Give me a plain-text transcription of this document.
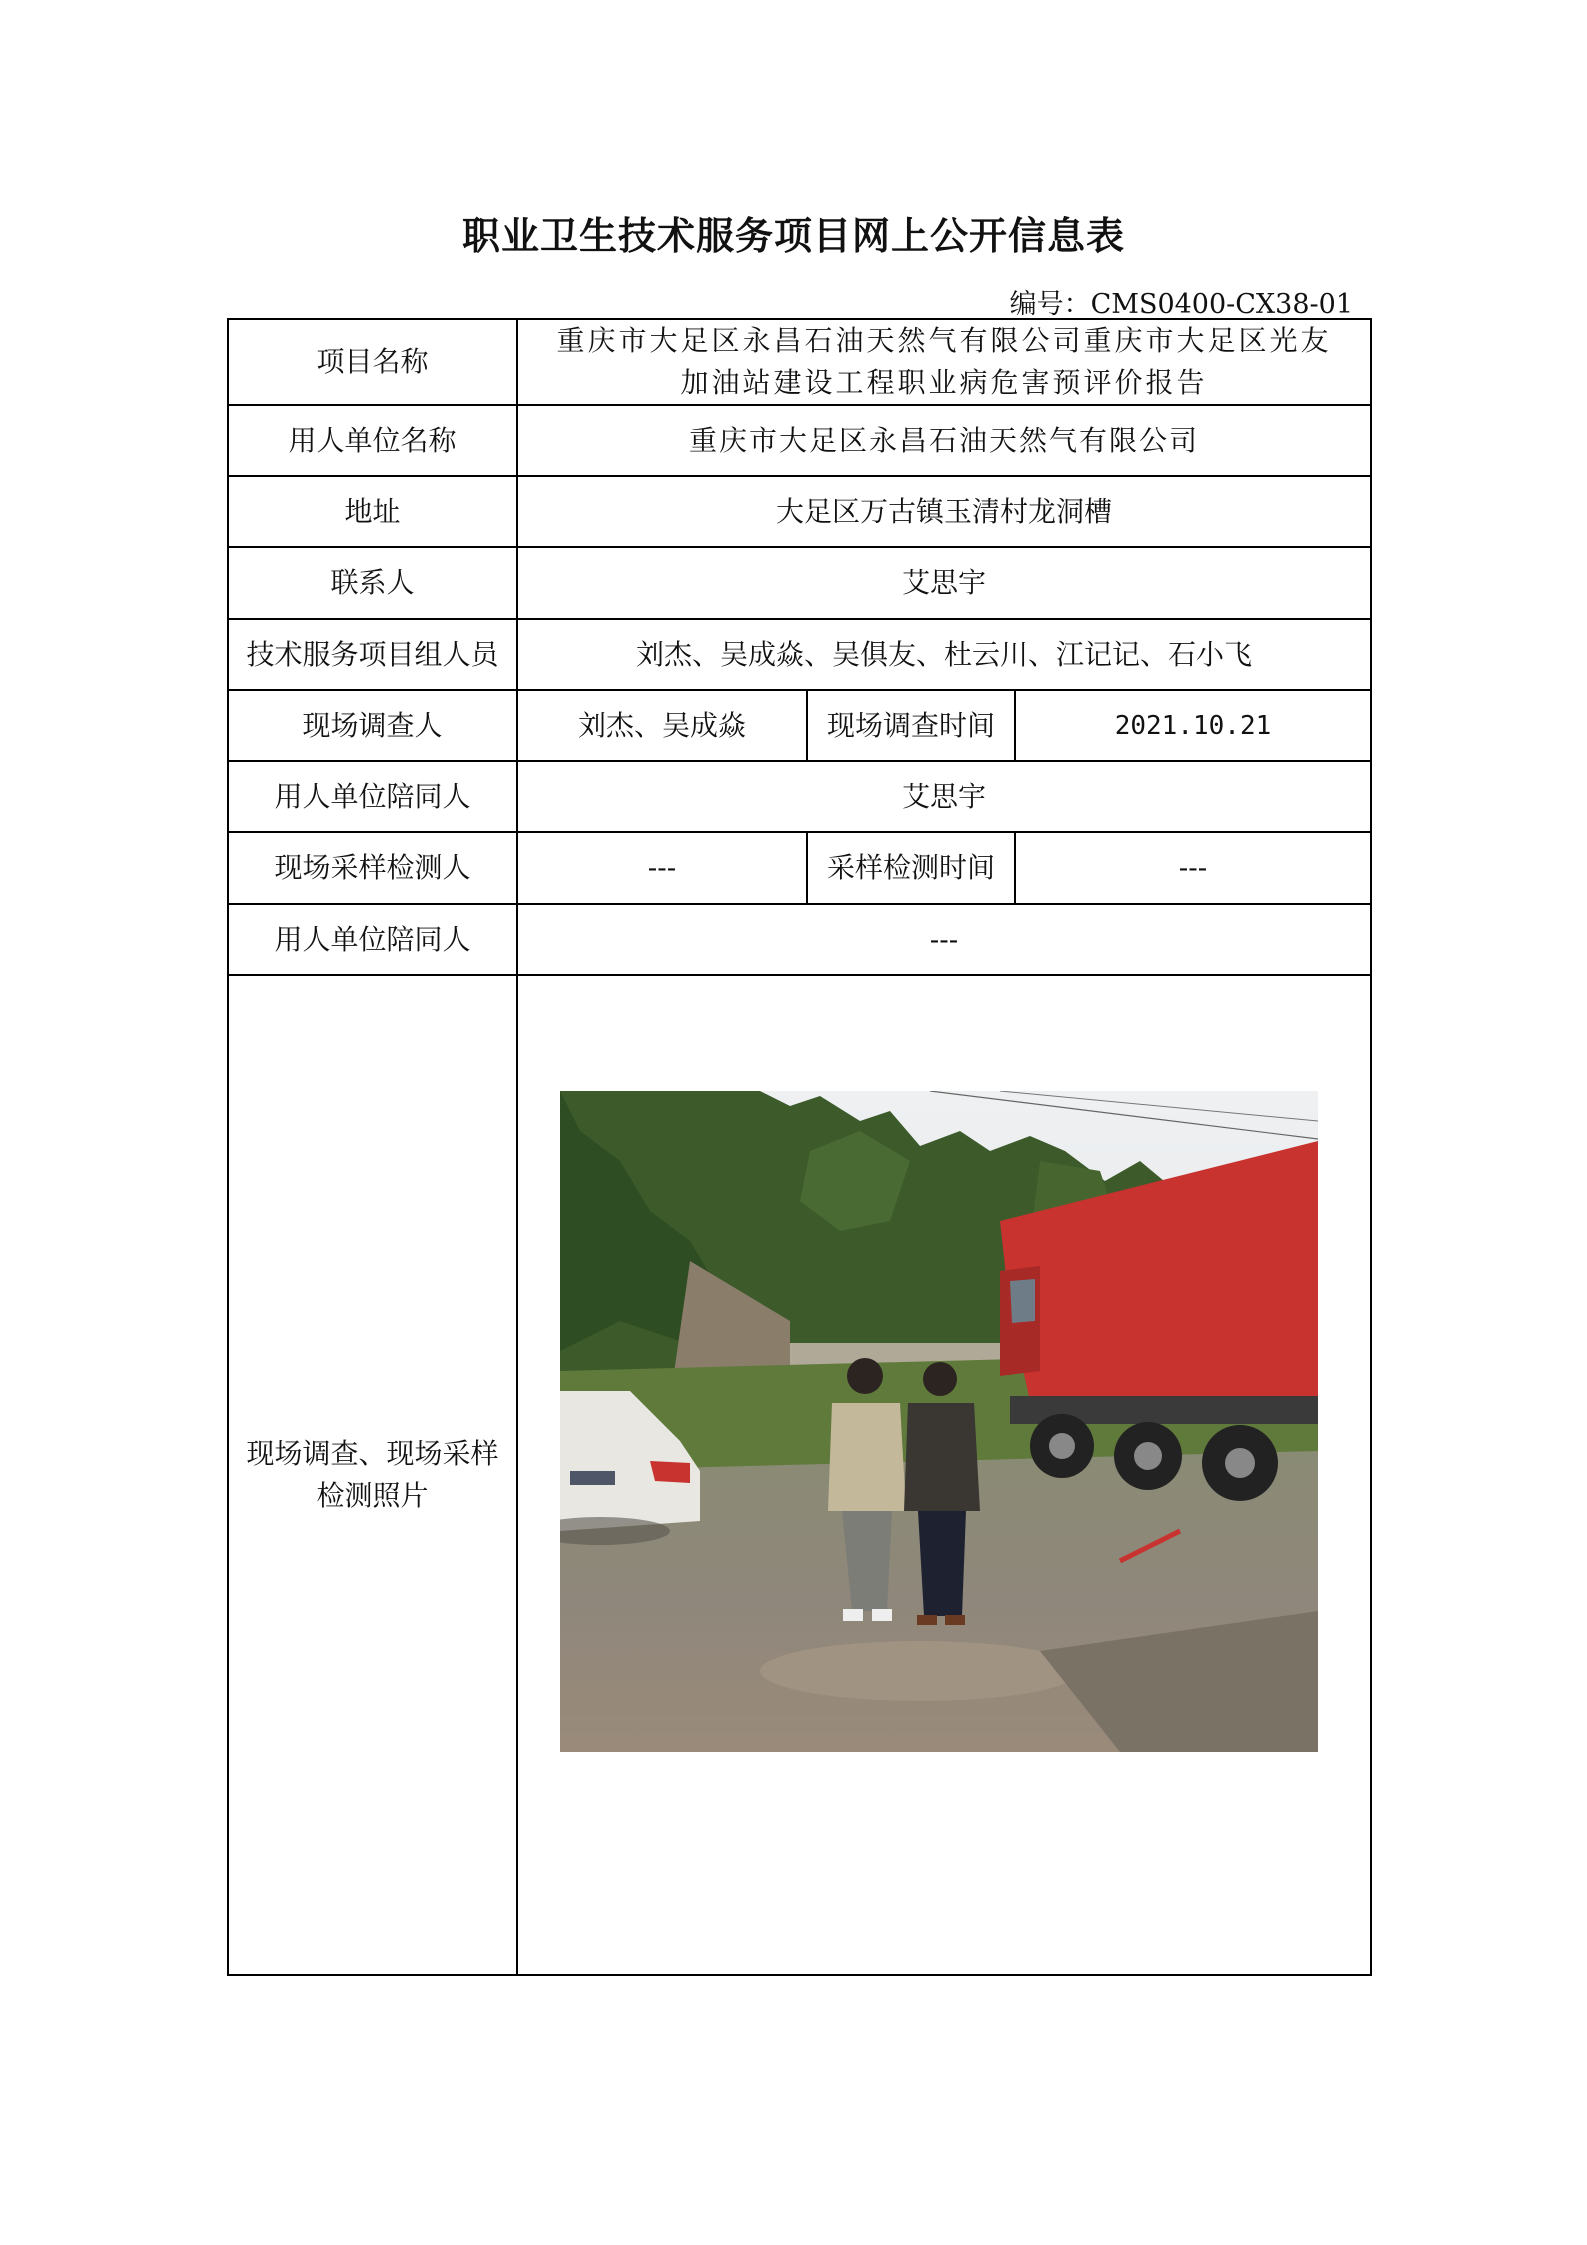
职业卫生技术服务项目网上公开信息表
编号：CMS0400-CX38-01
项目名称	重庆市大足区永昌石油天然气有限公司重庆市大足区光友加油站建设工程职业病危害预评价报告		
用人单位名称	重庆市大足区永昌石油天然气有限公司		
地址	大足区万古镇玉清村龙洞槽		
联系人	艾思宇		
技术服务项目组人员	刘杰、吴成焱、吴俱友、杜云川、江记记、石小飞		
现场调查人	刘杰、吴成焱	现场调查时间	2021.10.21
用人单位陪同人	艾思宇		
现场采样检测人	---	采样检测时间	---
用人单位陪同人	---		
现场调查、现场采样检测照片			
